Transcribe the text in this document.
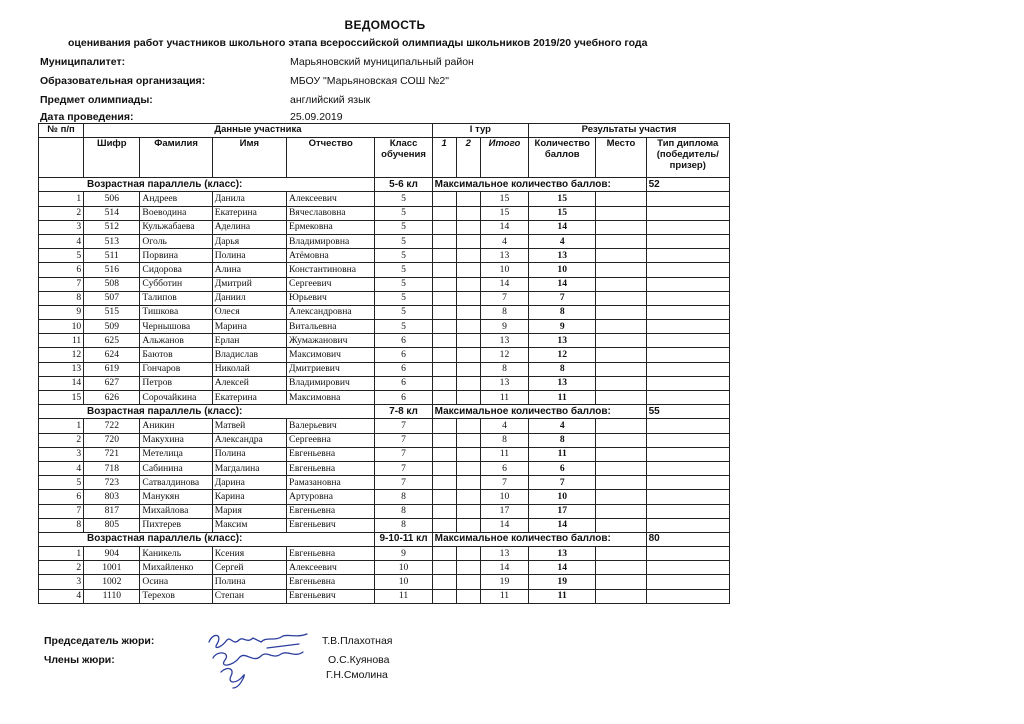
ВЕДОМОСТЬ
оценивания работ участников школьного этапа всероссийской олимпиады школьников 2019/20 учебного года
Муниципалитет:	Марьяновский муниципальный район
Образовательная организация:	МБОУ "Марьяновская СОШ №2"
Предмет олимпиады:	английский язык
Дата проведения:	25.09.2019
№ п/п	Данные участника					I тур			Результаты участия		
	Шифр	Фамилия	Имя	Отчество	Класс обучения	1	2	Итого	Количество баллов	Место	Тип диплома (победитель/ призер)
Возрастная параллель (класс):					5-6 кл	Максимальное количество баллов:					52
1	506	Андреев	Данила	Алексеевич	5			15	15		
2	514	Воеводина	Екатерина	Вячеславовна	5			15	15		
3	512	Кульжабаева	Аделина	Ермековна	5			14	14		
4	513	Оголь	Дарья	Владимировна	5			4	4		
5	511	Порвина	Полина	Атёмовна	5			13	13		
6	516	Сидорова	Алина	Константиновна	5			10	10		
7	508	Субботин	Дмитрий	Сергеевич	5			14	14		
8	507	Талипов	Даниил	Юрьевич	5			7	7		
9	515	Тишкова	Олеся	Александровна	5			8	8		
10	509	Чернышова	Марина	Витальевна	5			9	9		
11	625	Альжанов	Ерлан	Жумажанович	6			13	13		
12	624	Баютов	Владислав	Максимович	6			12	12		
13	619	Гончаров	Николай	Дмитриевич	6			8	8		
14	627	Петров	Алексей	Владимирович	6			13	13		
15	626	Сорочайкина	Екатерина	Максимовна	6			11	11		
Возрастная параллель (класс):					7-8 кл	Максимальное количество баллов:					55
1	722	Аникин	Матвей	Валерьевич	7			4	4		
2	720	Макухина	Александра	Сергеевна	7			8	8		
3	721	Метелица	Полина	Евгеньевна	7			11	11		
4	718	Сабинина	Магдалина	Евгеньевна	7			6	6		
5	723	Сатвалдинова	Дарина	Рамазановна	7			7	7		
6	803	Манукян	Карина	Артуровна	8			10	10		
7	817	Михайлова	Мария	Евгеньевна	8			17	17		
8	805	Пихтерев	Максим	Евгеньевич	8			14	14		
Возрастная параллель (класс):					9-10-11 кл	Максимальное количество баллов:					80
1	904	Каникель	Ксения	Евгеньевна	9			13	13		
2	1001	Михайленко	Сергей	Алексеевич	10			14	14		
3	1002	Осина	Полина	Евгеньевна	10			19	19		
4	1110	Терехов	Степан	Евгеньевич	11			11	11		
Председатель жюри:	Т.В.Плахотная
Члены жюри:	О.С.Куянова
Г.Н.Смолина
